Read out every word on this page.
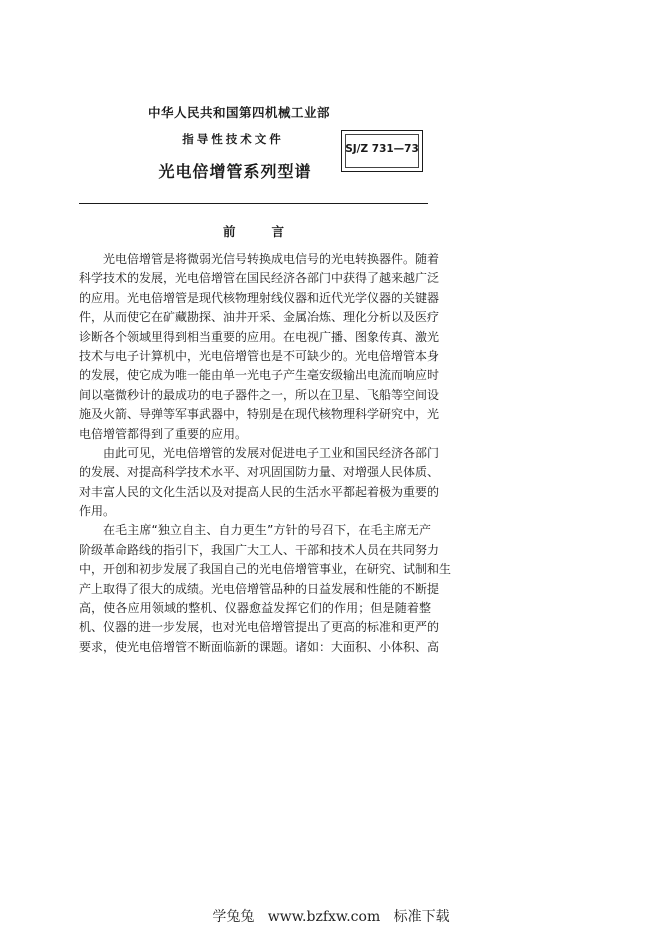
中华人民共和国第四机械工业部
指导性技术文件
光电倍增管系列型谱
SJ/Z 731—73
前言
光电倍增管是将微弱光信号转换成电信号的光电转换器件。随着
科学技术的发展，光电倍增管在国民经济各部门中获得了越来越广泛
的应用。光电倍增管是现代核物理射线仪器和近代光学仪器的关键器
件，从而使它在矿藏勘探、油井开采、金属冶炼、理化分析以及医疗
诊断各个领域里得到相当重要的应用。在电视广播、图象传真、激光
技术与电子计算机中，光电倍增管也是不可缺少的。光电倍增管本身
的发展，使它成为唯一能由单一光电子产生毫安级输出电流而响应时
间以毫微秒计的最成功的电子器件之一，所以在卫星、飞船等空间设
施及火箭、导弹等军事武器中，特别是在现代核物理科学研究中，光
电倍增管都得到了重要的应用。
由此可见，光电倍增管的发展对促进电子工业和国民经济各部门
的发展、对提高科学技术水平、对巩固国防力量、对增强人民体质、
对丰富人民的文化生活以及对提高人民的生活水平都起着极为重要的
作用。
在毛主席“独立自主、自力更生”方针的号召下，在毛主席无产
阶级革命路线的指引下，我国广大工人、干部和技术人员在共同努力
中，开创和初步发展了我国自己的光电倍增管事业，在研究、试制和生
产上取得了很大的成绩。光电倍增管品种的日益发展和性能的不断提
高，使各应用领域的整机、仪器愈益发挥它们的作用；但是随着整
机、仪器的进一步发展，也对光电倍增管提出了更高的标准和更严的
要求，使光电倍增管不断面临新的课题。诸如：大面积、小体积、高
学兔兔 www.bzfxw.com 标准下载
